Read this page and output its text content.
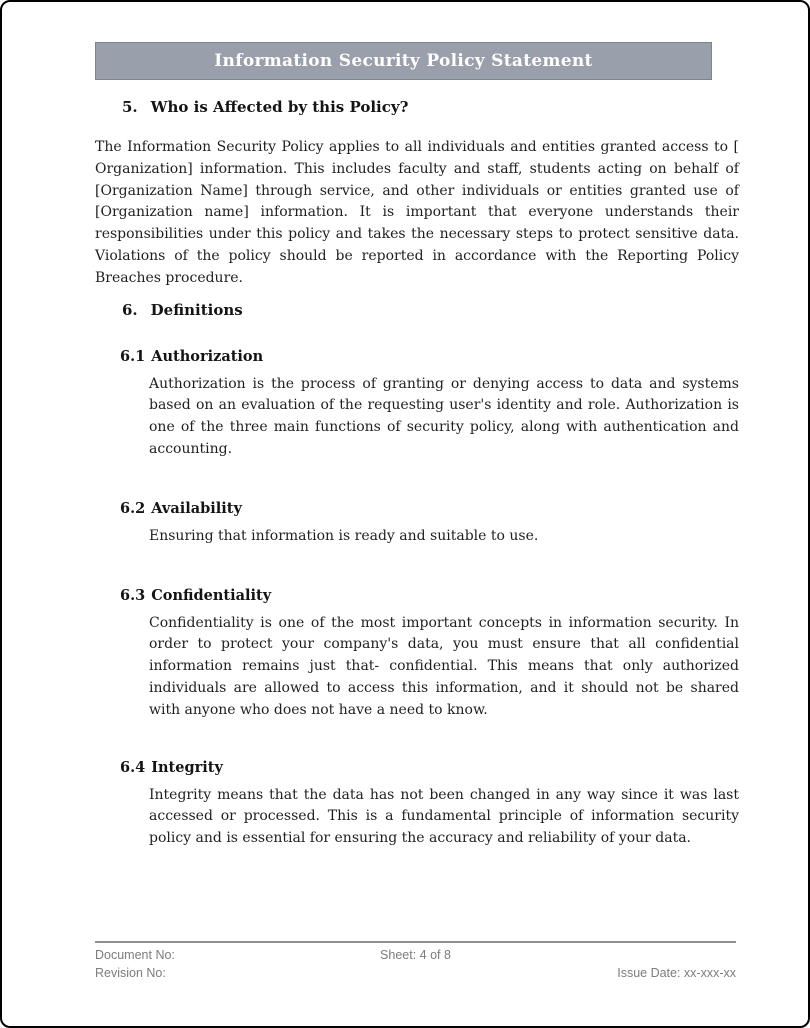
Information Security Policy Statement
5. Who is Affected by this Policy?

The Information Security Policy applies to all individuals and entities granted access to [ Organization] information. This includes faculty and staff, students acting on behalf of [Organization Name] through service, and other individuals or entities granted use of [Organization name] information. It is important that everyone understands their responsibilities under this policy and takes the necessary steps to protect sensitive data. Violations of the policy should be reported in accordance with the Reporting Policy Breaches procedure.

6. Definitions
6.1 Authorization

Authorization is the process of granting or denying access to data and systems based on an evaluation of the requesting user's identity and role. Authorization is one of the three main functions of security policy, along with authentication and accounting.

6.2 Availability

Ensuring that information is ready and suitable to use.

6.3 Confidentiality

Confidentiality is one of the most important concepts in information security. In order to protect your company's data, you must ensure that all confidential information remains just that- confidential. This means that only authorized individuals are allowed to access this information, and it should not be shared with anyone who does not have a need to know.

6.4 Integrity

Integrity means that the data has not been changed in any way since it was last accessed or processed. This is a fundamental principle of information security policy and is essential for ensuring the accuracy and reliability of your data.

Document No:	Sheet: 4 of 8
Revision No:	Issue Date: xx-xxx-xx
